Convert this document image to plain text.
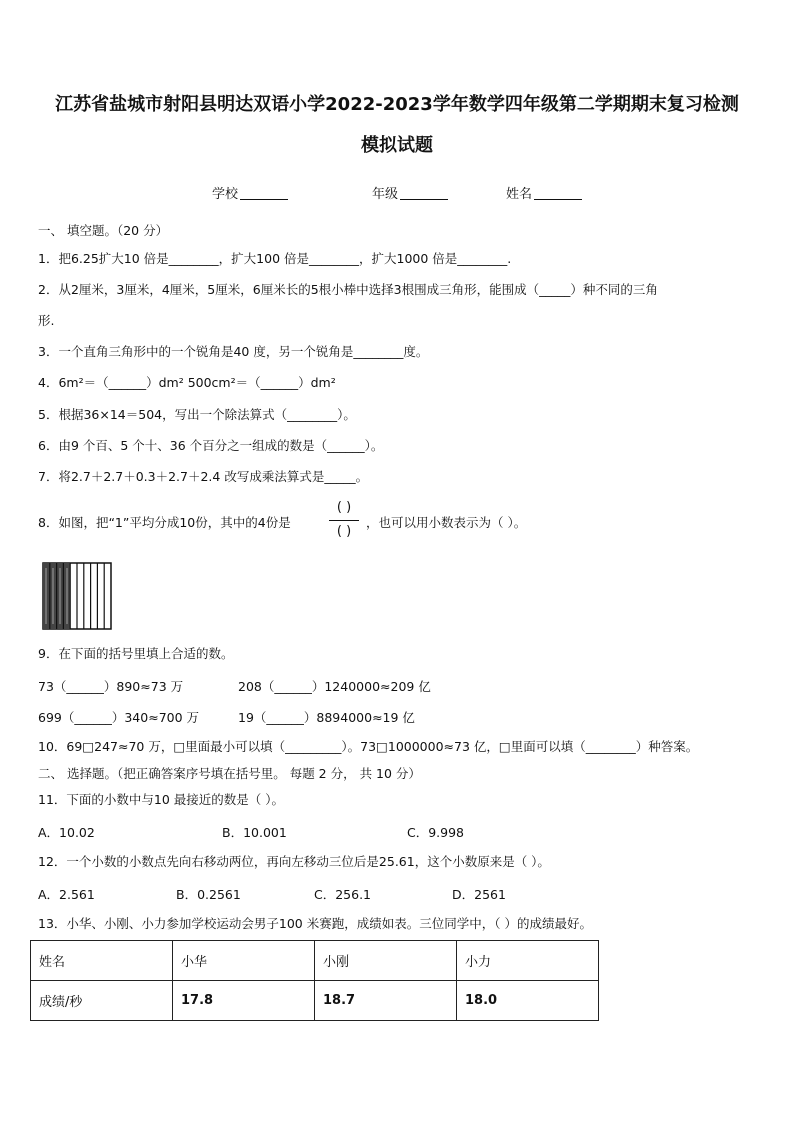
江苏省盐城市射阳县明达双语小学2022-2023学年数学四年级第二学期期末复习检测
模拟试题
学校	年级	姓名
一、 填空题。（20 分）
1．把6.25扩大10 倍是________，扩大100 倍是________，扩大1000 倍是________.
2．从2厘米，3厘米，4厘米，5厘米，6厘米长的5根小棒中选择3根围成三角形，能围成（_____）种不同的三角
形.
3．一个直角三角形中的一个锐角是40 度，另一个锐角是________度。
4．6m²＝（______）dm² 500cm²＝（______）dm²
5．根据36×14＝504，写出一个除法算式（________）。
6．由9 个百、5 个十、36 个百分之一组成的数是（______）。
7．将2.7＋2.7＋0.3＋2.7＋2.4 改写成乘法算式是_____。
8．如图，把“1”平均分成10份，其中的4份是
( )
( )
，也可以用小数表示为（ ）。
9．在下面的括号里填上合适的数。
73（______）890≈73 万	208（______）1240000≈209 亿
699（______）340≈700 万	19（______）8894000≈19 亿
10．69□247≈70 万，□里面最小可以填（_________）。73□1000000≈73 亿，□里面可以填（________）种答案。
二、 选择题。（把正确答案序号填在括号里。 每题 2 分， 共 10 分）
11．下面的小数中与10 最接近的数是（ ）。
A．10.02	B．10.001	C．9.998
12．一个小数的小数点先向右移动两位，再向左移动三位后是25.61，这个小数原来是（ ）。
A．2.561	B．0.2561	C．256.1	D．2561
13．小华、小刚、小力参加学校运动会男子100 米赛跑，成绩如表。三位同学中，（ ）的成绩最好。
姓名	小华	小刚	小力
成绩/秒	17.8	18.7	18.0
